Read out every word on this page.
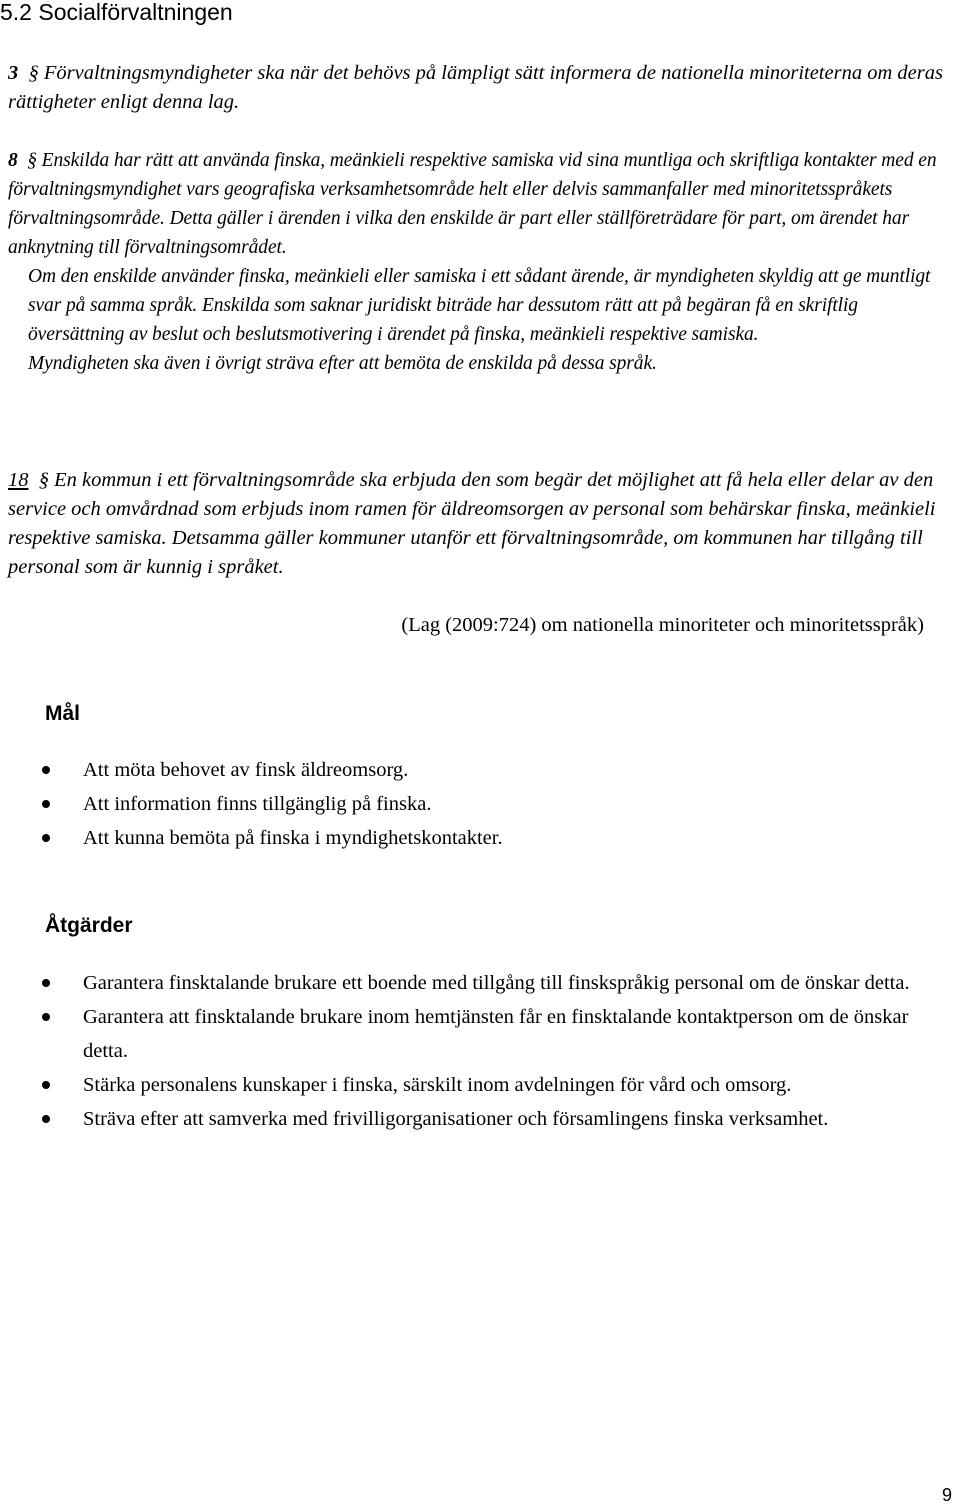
5.2 Socialförvaltningen

3 § Förvaltningsmyndigheter ska när det behövs på lämpligt sätt informera de nationella minoriteterna om deras rättigheter enligt denna lag.

8 § Enskilda har rätt att använda finska, meänkieli respektive samiska vid sina muntliga och skriftliga kontakter med en förvaltningsmyndighet vars geografiska verksamhetsområde helt eller delvis sammanfaller med minoritetsspråkets förvaltningsområde. Detta gäller i ärenden i vilka den enskilde är part eller ställföreträdare för part, om ärendet har anknytning till förvaltningsområdet.

Om den enskilde använder finska, meänkieli eller samiska i ett sådant ärende, är myndigheten skyldig att ge muntligt svar på samma språk. Enskilda som saknar juridiskt biträde har dessutom rätt att på begäran få en skriftlig översättning av beslut och beslutsmotivering i ärendet på finska, meänkieli respektive samiska.

Myndigheten ska även i övrigt sträva efter att bemöta de enskilda på dessa språk.

18 § En kommun i ett förvaltningsområde ska erbjuda den som begär det möjlighet att få hela eller delar av den service och omvårdnad som erbjuds inom ramen för äldreomsorgen av personal som behärskar finska, meänkieli respektive samiska. Detsamma gäller kommuner utanför ett förvaltningsområde, om kommunen har tillgång till personal som är kunnig i språket.

(Lag (2009:724) om nationella minoriteter och minoritetsspråk)
Mål
Att möta behovet av finsk äldreomsorg.
Att information finns tillgänglig på finska.
Att kunna bemöta på finska i myndighetskontakter.
Åtgärder
Garantera finsktalande brukare ett boende med tillgång till finskspråkig personal om de önskar detta.
Garantera att finsktalande brukare inom hemtjänsten får en finsktalande kontaktperson om de önskar detta.
Stärka personalens kunskaper i finska, särskilt inom avdelningen för vård och omsorg.
Sträva efter att samverka med frivilligorganisationer och församlingens finska verksamhet.
9
